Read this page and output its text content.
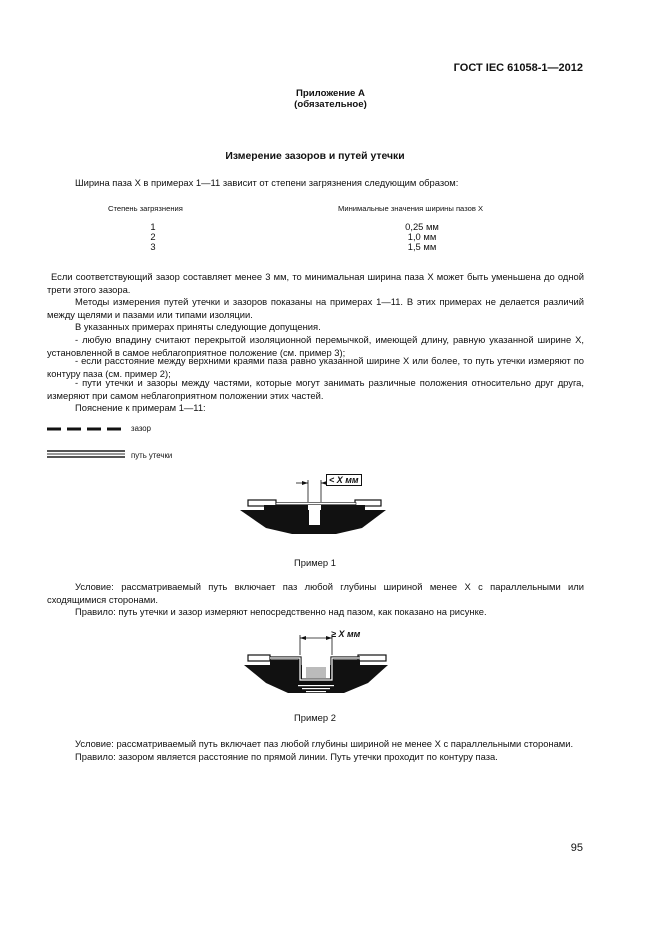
ГОСТ IEC 61058-1—2012
Приложение А
(обязательное)
Измерение зазоров и путей утечки
Ширина паза X в примерах 1—11 зависит от степени загрязнения следующим образом:
Степень загрязнения	Минимальные значения ширины пазов X
1
2
3
0,25 мм
1,0 мм
1,5 мм
Если соответствующий зазор составляет менее 3 мм, то минимальная ширина паза X может быть уменьшена до одной трети этого зазора.
Методы измерения путей утечки и зазоров показаны на примерах 1—11. В этих примерах не делается различий между щелями и пазами или типами изоляции.
В указанных примерах приняты следующие допущения.
- любую впадину считают перекрытой изоляционной перемычкой, имеющей длину, равную указанной ширине X, установленной в самое неблагоприятное положение (см. пример 3);
- если расстояние между верхними краями паза равно указанной ширине X или более, то путь утечки измеряют по контуру паза (см. пример 2);
- пути утечки и зазоры между частями, которые могут занимать различные положения относительно друг друга, измеряют при самом неблагоприятном положении этих частей.
Пояснение к примерам 1—11:
зазор
путь утечки
< X мм
Пример 1
Условие: рассматриваемый путь включает паз любой глубины шириной менее X с параллельными или сходящимися сторонами.
Правило: путь утечки и зазор измеряют непосредственно над пазом, как показано на рисунке.
≥ X мм
Пример 2
Условие: рассматриваемый путь включает паз любой глубины шириной не менее X с параллельными сторонами.
Правило: зазором является расстояние по прямой линии. Путь утечки проходит по контуру паза.
95
